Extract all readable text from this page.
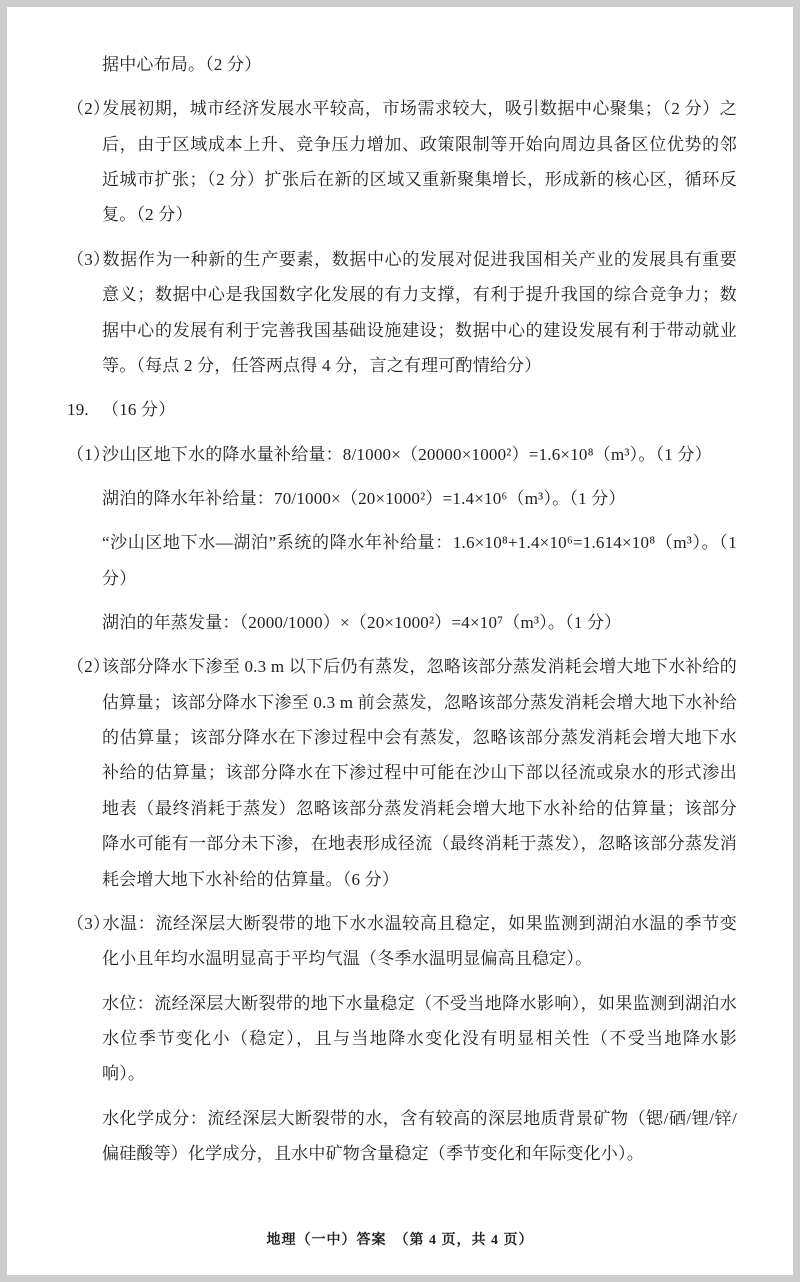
据中心布局。（2 分）

（2）发展初期，城市经济发展水平较高，市场需求较大，吸引数据中心聚集；（2 分）之后，由于区域成本上升、竞争压力增加、政策限制等开始向周边具备区位优势的邻近城市扩张；（2 分）扩张后在新的区域又重新聚集增长，形成新的核心区，循环反复。（2 分）

（3）数据作为一种新的生产要素，数据中心的发展对促进我国相关产业的发展具有重要意义；数据中心是我国数字化发展的有力支撑，有利于提升我国的综合竞争力；数据中心的发展有利于完善我国基础设施建设；数据中心的建设发展有利于带动就业等。（每点 2 分，任答两点得 4 分，言之有理可酌情给分）

19. （16 分）

（1）沙山区地下水的降水量补给量：8/1000×（20000×1000²）=1.6×10⁸（m³）。（1 分）

湖泊的降水年补给量：70/1000×（20×1000²）=1.4×10⁶（m³）。（1 分）

“沙山区地下水—湖泊”系统的降水年补给量：1.6×10⁸+1.4×10⁶=1.614×10⁸（m³）。（1 分）

湖泊的年蒸发量：（2000/1000）×（20×1000²）=4×10⁷（m³）。（1 分）

（2）该部分降水下渗至 0.3 m 以下后仍有蒸发，忽略该部分蒸发消耗会增大地下水补给的估算量；该部分降水下渗至 0.3 m 前会蒸发，忽略该部分蒸发消耗会增大地下水补给的估算量；该部分降水在下渗过程中会有蒸发，忽略该部分蒸发消耗会增大地下水补给的估算量；该部分降水在下渗过程中可能在沙山下部以径流或泉水的形式渗出地表（最终消耗于蒸发）忽略该部分蒸发消耗会增大地下水补给的估算量；该部分降水可能有一部分未下渗，在地表形成径流（最终消耗于蒸发），忽略该部分蒸发消耗会增大地下水补给的估算量。（6 分）

（3）水温：流经深层大断裂带的地下水水温较高且稳定，如果监测到湖泊水温的季节变化小且年均水温明显高于平均气温（冬季水温明显偏高且稳定）。

水位：流经深层大断裂带的地下水量稳定（不受当地降水影响），如果监测到湖泊水水位季节变化小（稳定），且与当地降水变化没有明显相关性（不受当地降水影响）。

水化学成分：流经深层大断裂带的水，含有较高的深层地质背景矿物（锶/硒/锂/锌/偏硅酸等）化学成分，且水中矿物含量稳定（季节变化和年际变化小）。

地理（一中）答案　（第 4 页，共 4 页）
